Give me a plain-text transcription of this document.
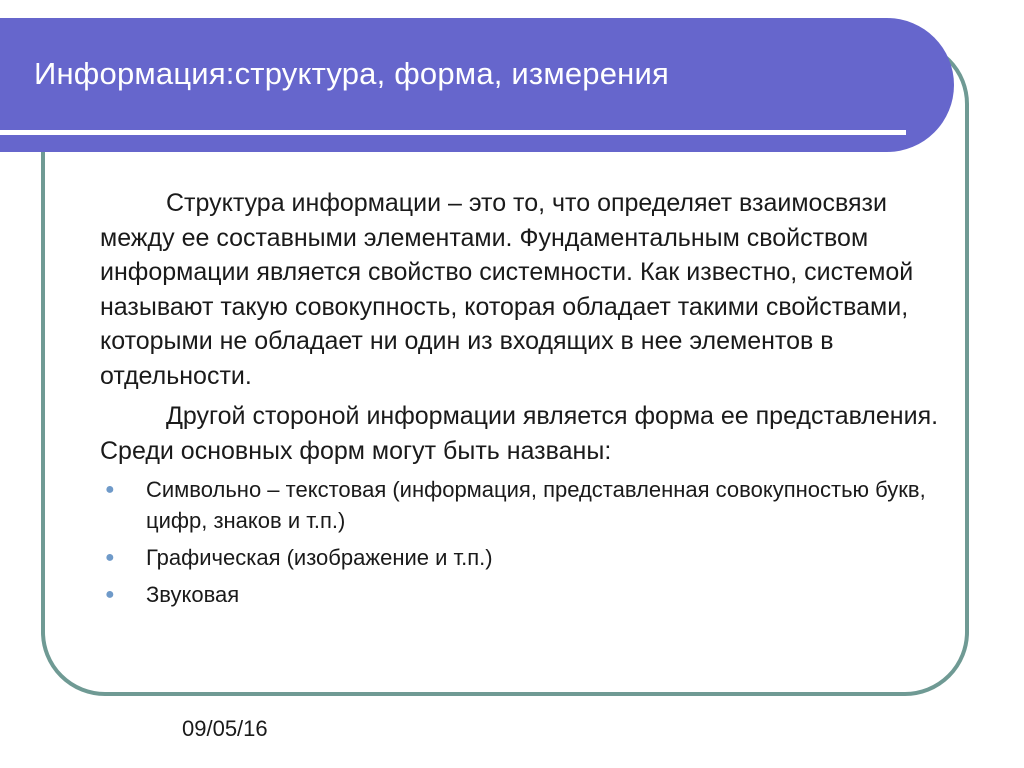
Информация:структура, форма, измерения

Структура информации – это то, что определяет взаимосвязи между ее составными элементами. Фундаментальным свойством информации является свойство системности. Как известно, системой называют такую совокупность, которая обладает такими свойствами, которыми не обладает ни один из входящих в нее элементов в отдельности.

Другой стороной информации является форма ее представления. Среди основных форм могут быть названы:

● Символьно – текстовая (информация, представленная совокупностью букв, цифр, знаков и т.п.)
● Графическая (изображение и т.п.)
● Звуковая
09/05/16
